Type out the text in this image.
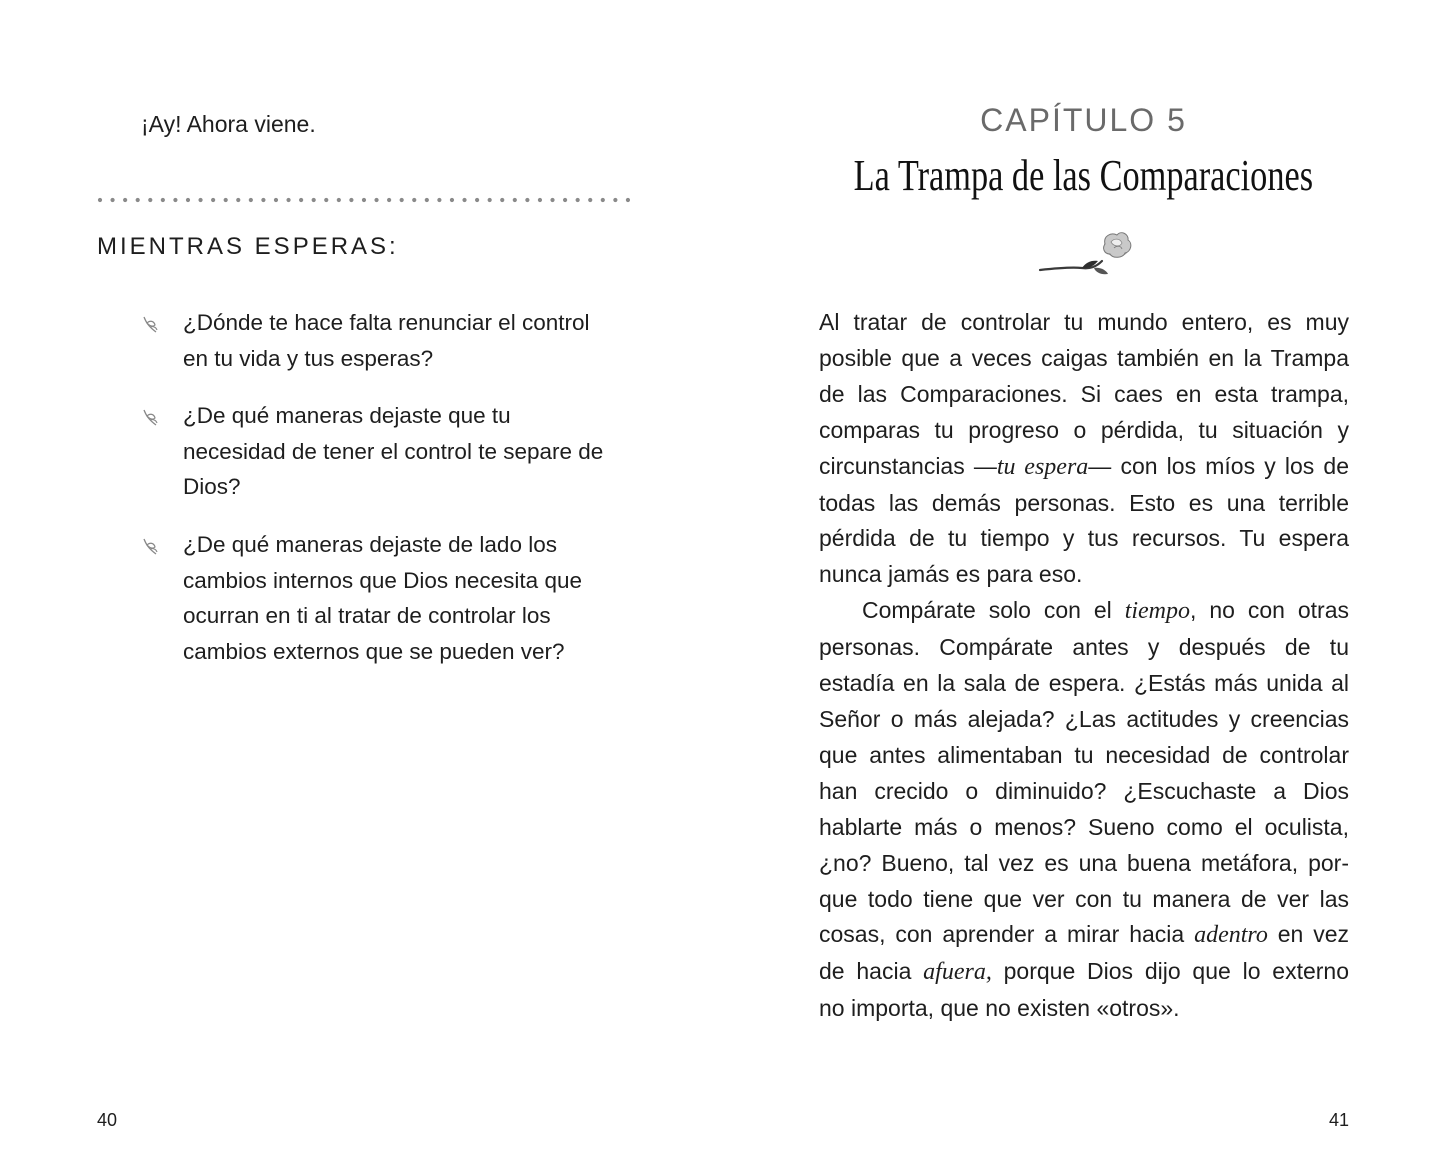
¡Ay! Ahora viene.
MIENTRAS ESPERAS:
¿Dónde te hace falta renunciar el control
en tu vida y tus esperas?
¿De qué maneras dejaste que tu
necesidad de tener el control te separe de
Dios?
¿De qué maneras dejaste de lado los
cambios internos que Dios necesita que
ocurran en ti al tratar de controlar los
cambios externos que se pueden ver?
40
CAPÍTULO 5
La Trampa de las Comparaciones
Al tratar de controlar tu mundo entero, es muy
posible que a veces caigas también en la Trampa
de las Comparaciones. Si caes en esta trampa,
comparas tu progreso o pérdida, tu situación y
circunstancias —tu espera— con los míos y los de
todas las demás personas. Esto es una terrible
pérdida de tu tiempo y tus recursos. Tu espera
nunca jamás es para eso.
Compárate solo con el tiempo, no con otras
personas. Compárate antes y después de tu
estadía en la sala de espera. ¿Estás más unida al
Señor o más alejada? ¿Las actitudes y creencias
que antes alimentaban tu necesidad de controlar
han crecido o diminuido? ¿Escuchaste a Dios
hablarte más o menos? Sueno como el oculista,
¿no? Bueno, tal vez es una buena metáfora, por-
que todo tiene que ver con tu manera de ver las
cosas, con aprender a mirar hacia adentro en vez
de hacia afuera, porque Dios dijo que lo externo
no importa, que no existen «otros».
41
